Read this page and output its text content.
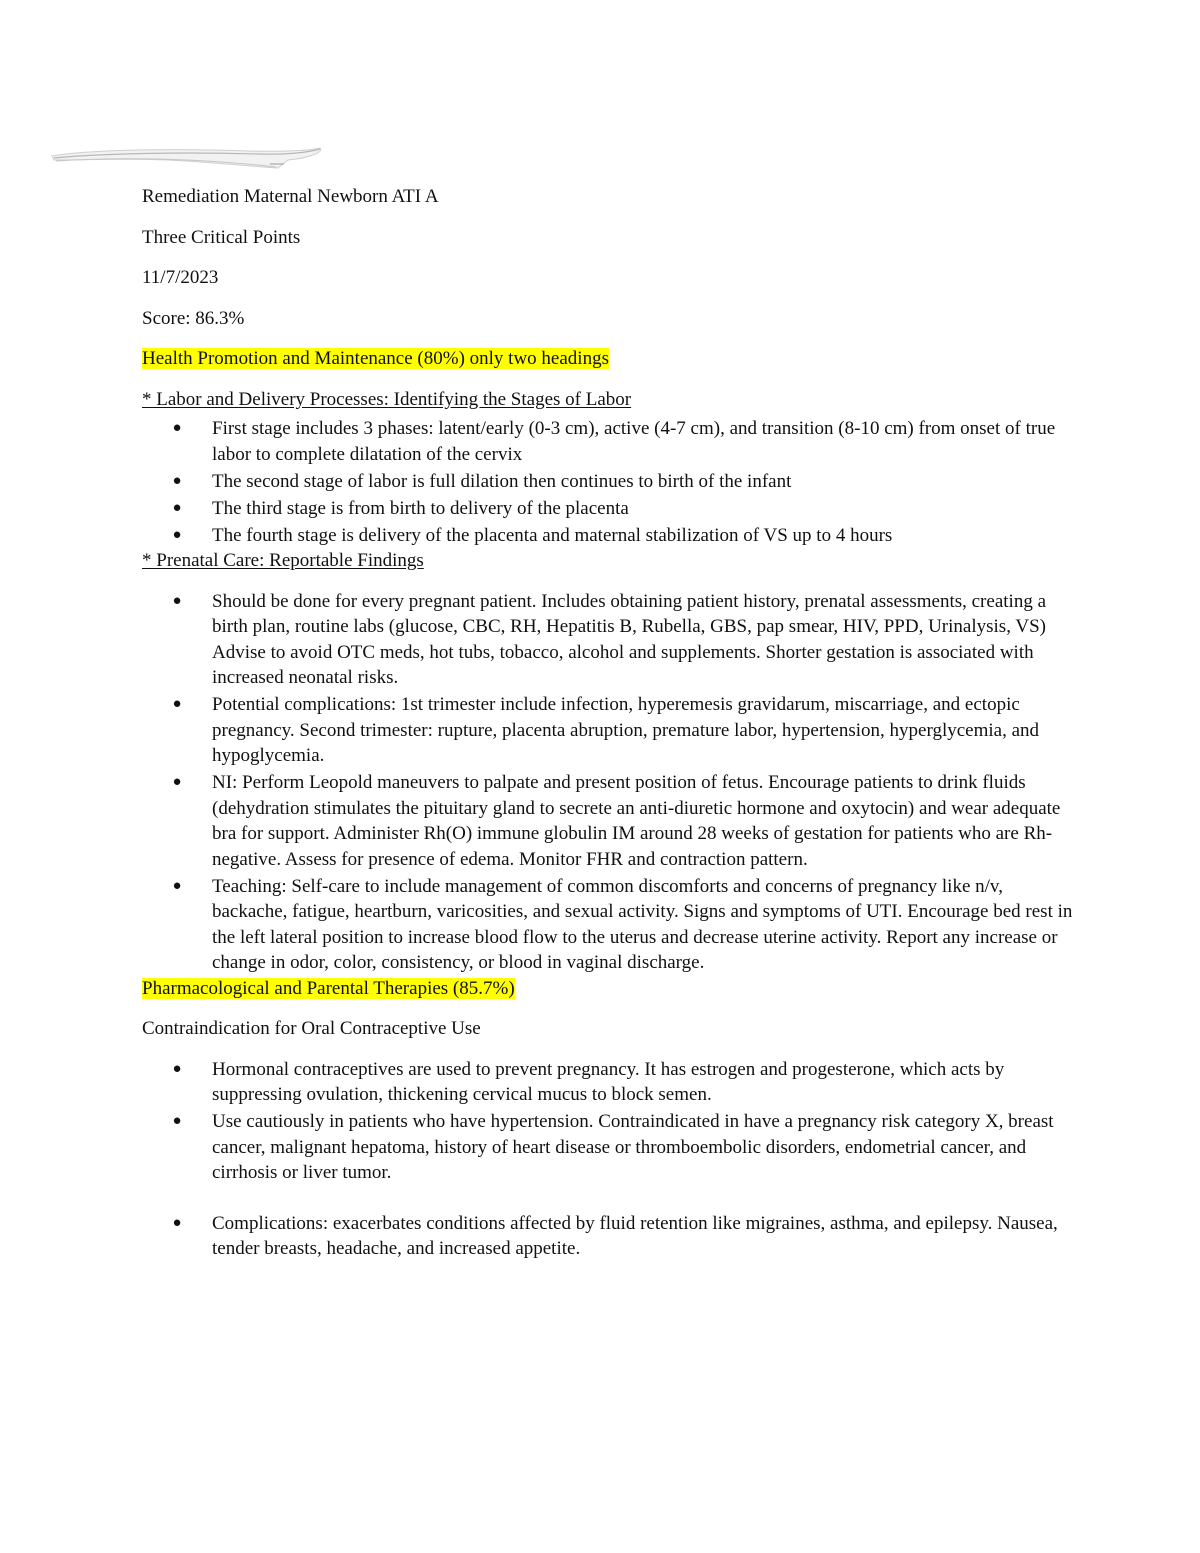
Remediation Maternal Newborn ATI A

Three Critical Points

11/7/2023

Score: 86.3%

Health Promotion and Maintenance (80%) only two headings

* Labor and Delivery Processes: Identifying the Stages of Labor

● First stage includes 3 phases: latent/early (0-3 cm), active (4-7 cm), and transition (8-10 cm) from onset of true labor to complete dilatation of the cervix
● The second stage of labor is full dilation then continues to birth of the infant
● The third stage is from birth to delivery of the placenta
● The fourth stage is delivery of the placenta and maternal stabilization of VS up to 4 hours

* Prenatal Care: Reportable Findings

● Should be done for every pregnant patient. Includes obtaining patient history, prenatal assessments, creating a birth plan, routine labs (glucose, CBC, RH, Hepatitis B, Rubella, GBS, pap smear, HIV, PPD, Urinalysis, VS) Advise to avoid OTC meds, hot tubs, tobacco, alcohol and supplements. Shorter gestation is associated with increased neonatal risks.
● Potential complications: 1st trimester include infection, hyperemesis gravidarum, miscarriage, and ectopic pregnancy. Second trimester: rupture, placenta abruption, premature labor, hypertension, hyperglycemia, and hypoglycemia.
● NI: Perform Leopold maneuvers to palpate and present position of fetus. Encourage patients to drink fluids (dehydration stimulates the pituitary gland to secrete an anti-diuretic hormone and oxytocin) and wear adequate bra for support. Administer Rh(O) immune globulin IM around 28 weeks of gestation for patients who are Rh-negative. Assess for presence of edema. Monitor FHR and contraction pattern.
● Teaching: Self-care to include management of common discomforts and concerns of pregnancy like n/v, backache, fatigue, heartburn, varicosities, and sexual activity. Signs and symptoms of UTI. Encourage bed rest in the left lateral position to increase blood flow to the uterus and decrease uterine activity. Report any increase or change in odor, color, consistency, or blood in vaginal discharge.

Pharmacological and Parental Therapies (85.7%)

Contraindication for Oral Contraceptive Use

● Hormonal contraceptives are used to prevent pregnancy. It has estrogen and progesterone, which acts by suppressing ovulation, thickening cervical mucus to block semen.
● Use cautiously in patients who have hypertension. Contraindicated in have a pregnancy risk category X, breast cancer, malignant hepatoma, history of heart disease or thromboembolic disorders, endometrial cancer, and cirrhosis or liver tumor.
● Complications: exacerbates conditions affected by fluid retention like migraines, asthma, and epilepsy. Nausea, tender breasts, headache, and increased appetite.
